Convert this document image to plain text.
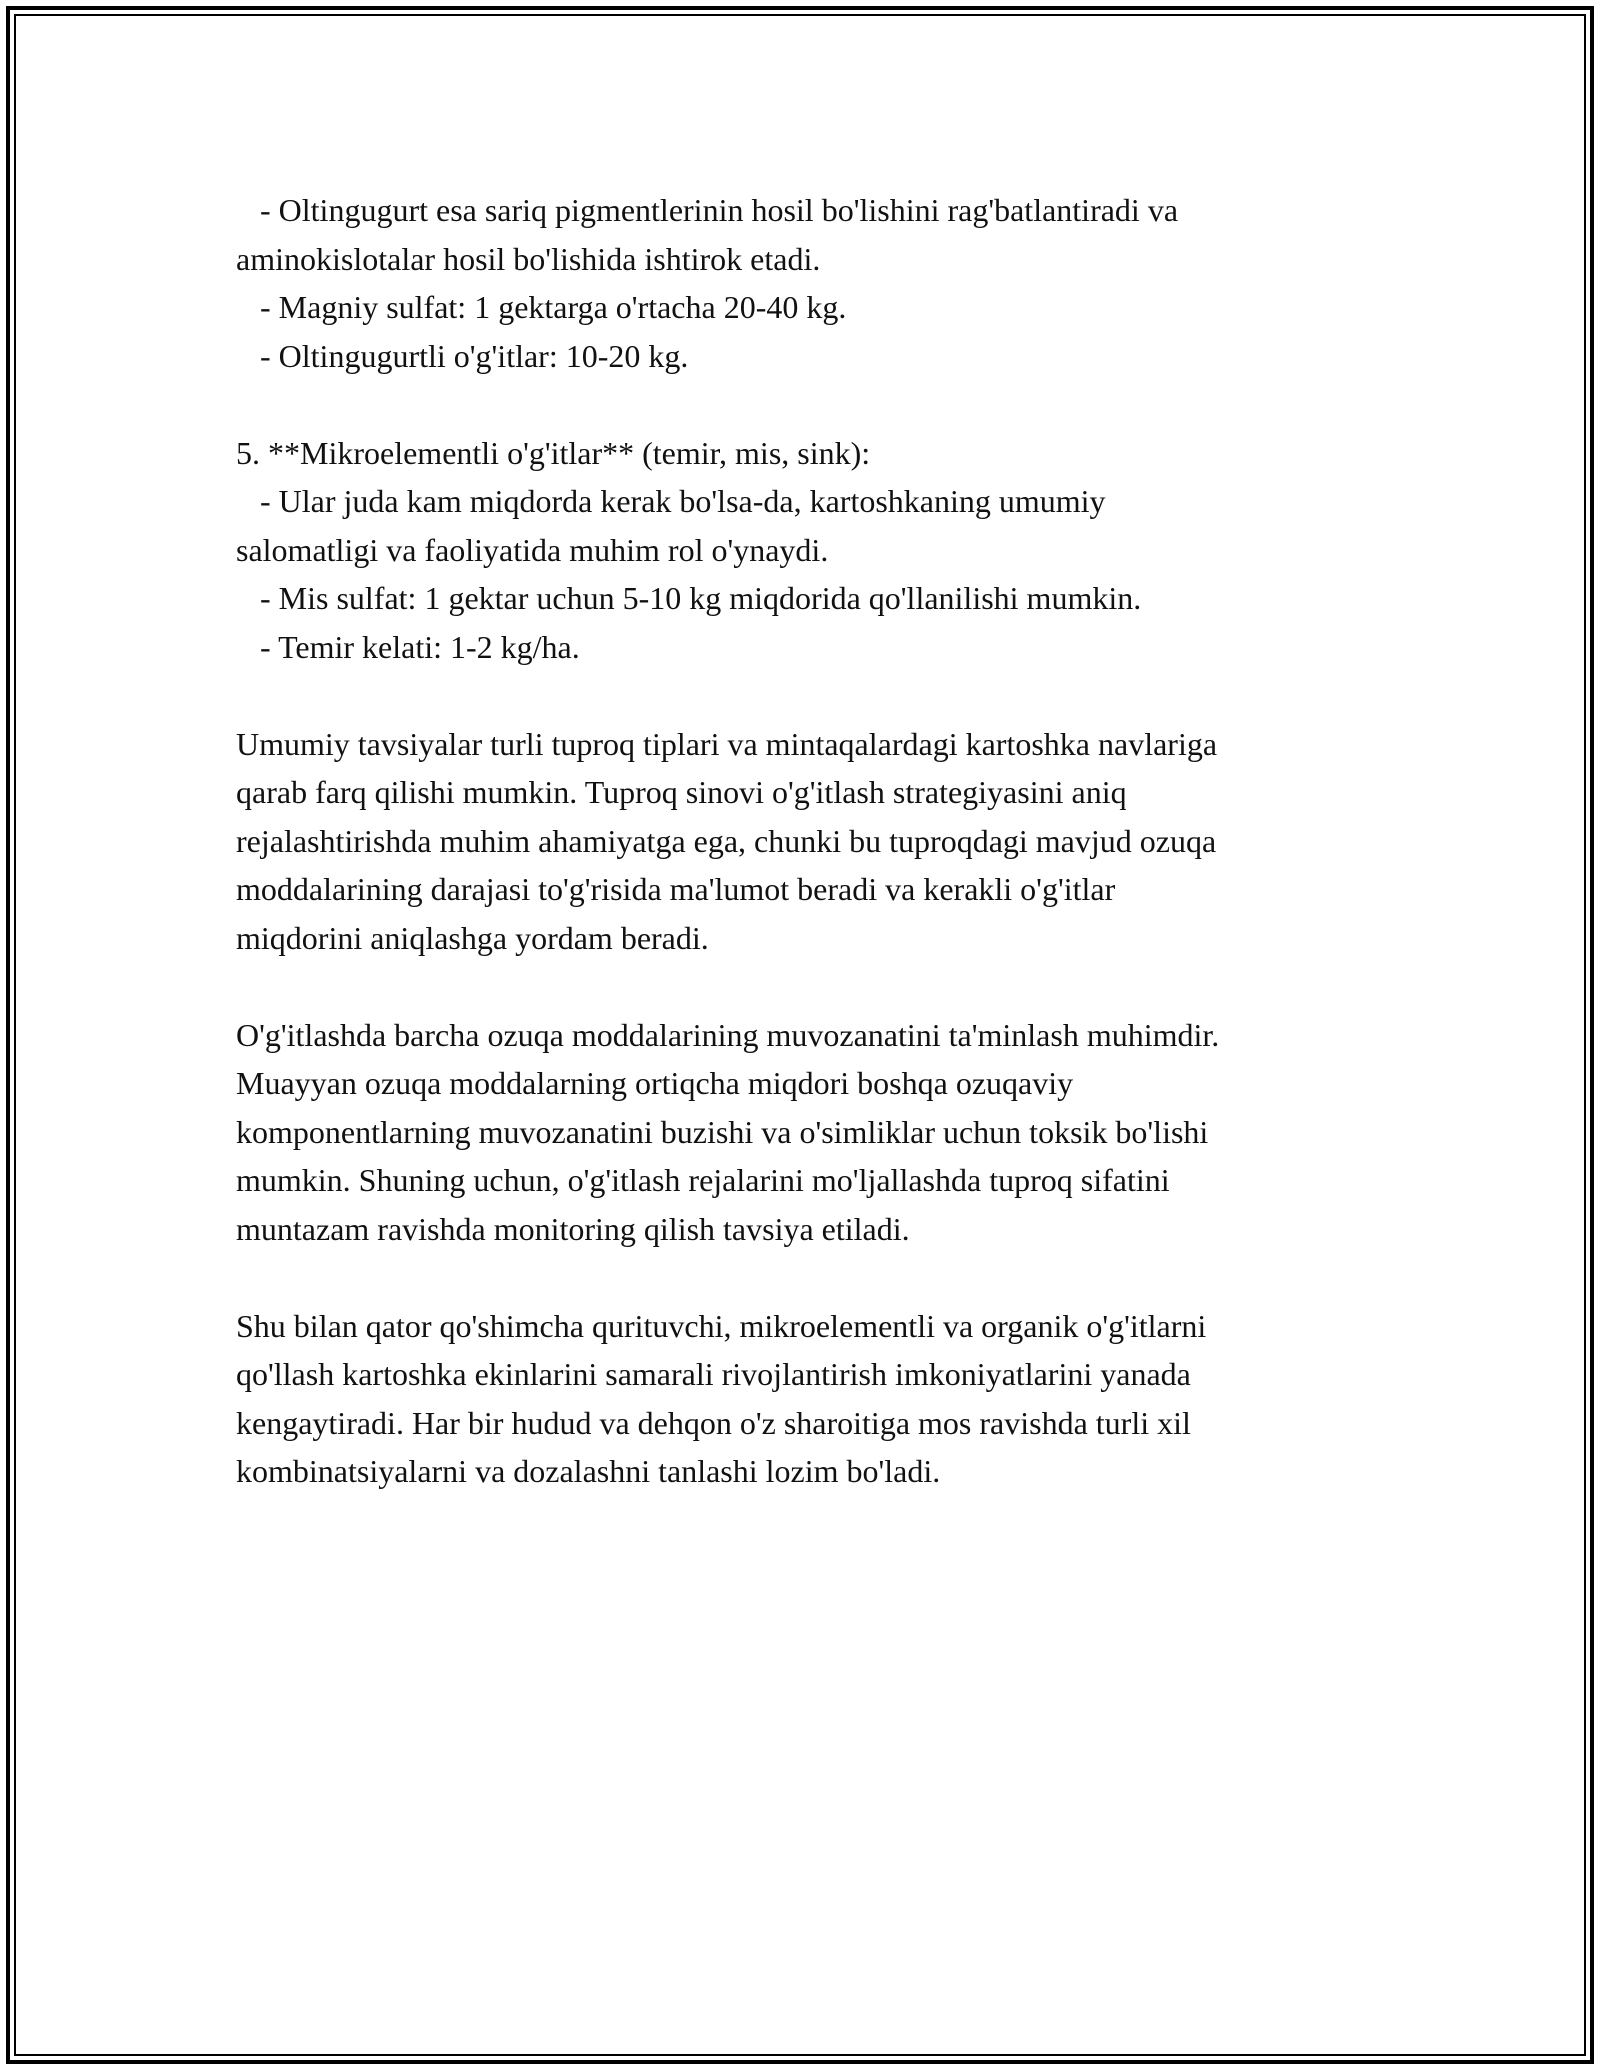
- Oltingugurt esa sariq pigmentlerinin hosil bo'lishini rag'batlantiradi va
aminokislotalar hosil bo'lishida ishtirok etadi.
- Magniy sulfat: 1 gektarga o'rtacha 20-40 kg.
- Oltingugurtli o'g'itlar: 10-20 kg.
5. **Mikroelementli o'g'itlar** (temir, mis, sink):
- Ular juda kam miqdorda kerak bo'lsa-da, kartoshkaning umumiy
salomatligi va faoliyatida muhim rol o'ynaydi.
- Mis sulfat: 1 gektar uchun 5-10 kg miqdorida qo'llanilishi mumkin.
- Temir kelati: 1-2 kg/ha.
Umumiy tavsiyalar turli tuproq tiplari va mintaqalardagi kartoshka navlariga
qarab farq qilishi mumkin. Tuproq sinovi o'g'itlash strategiyasini aniq
rejalashtirishda muhim ahamiyatga ega, chunki bu tuproqdagi mavjud ozuqa
moddalarining darajasi to'g'risida ma'lumot beradi va kerakli o'g'itlar
miqdorini aniqlashga yordam beradi.
O'g'itlashda barcha ozuqa moddalarining muvozanatini ta'minlash muhimdir.
Muayyan ozuqa moddalarning ortiqcha miqdori boshqa ozuqaviy
komponentlarning muvozanatini buzishi va o'simliklar uchun toksik bo'lishi
mumkin. Shuning uchun, o'g'itlash rejalarini mo'ljallashda tuproq sifatini
muntazam ravishda monitoring qilish tavsiya etiladi.
Shu bilan qator qo'shimcha qurituvchi, mikroelementli va organik o'g'itlarni
qo'llash kartoshka ekinlarini samarali rivojlantirish imkoniyatlarini yanada
kengaytiradi. Har bir hudud va dehqon o'z sharoitiga mos ravishda turli xil
kombinatsiyalarni va dozalashni tanlashi lozim bo'ladi.
